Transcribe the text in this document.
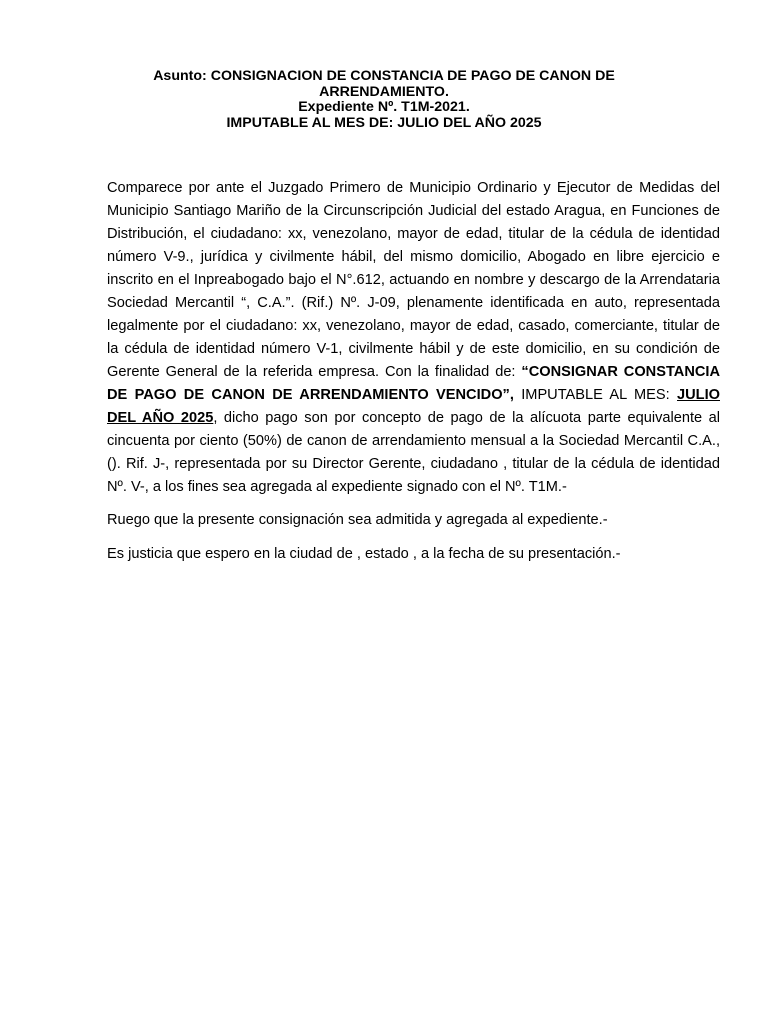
Asunto: CONSIGNACION DE CONSTANCIA DE PAGO DE CANON DE
ARRENDAMIENTO.
Expediente Nº. T1M-2021.
IMPUTABLE AL MES DE: JULIO DEL AÑO 2025

Comparece por ante el Juzgado Primero de Municipio Ordinario y Ejecutor de Medidas del Municipio Santiago Mariño de la Circunscripción Judicial del estado Aragua, en Funciones de Distribución, el ciudadano: xx, venezolano, mayor de edad, titular de la cédula de identidad número V-9., jurídica y civilmente hábil, del mismo domicilio, Abogado en libre ejercicio e inscrito en el Inpreabogado bajo el N°.612, actuando en nombre y descargo de la Arrendataria Sociedad Mercantil “, C.A.”. (Rif.) Nº. J-09, plenamente identificada en auto, representada legalmente por el ciudadano: xx, venezolano, mayor de edad, casado, comerciante, titular de la cédula de identidad número V-1, civilmente hábil y de este domicilio, en su condición de Gerente General de la referida empresa. Con la finalidad de: “CONSIGNAR CONSTANCIA DE PAGO DE CANON DE ARRENDAMIENTO VENCIDO”, IMPUTABLE AL MES: JULIO DEL AÑO 2025, dicho pago son por concepto de pago de la alícuota parte equivalente al cincuenta por ciento (50%) de canon de arrendamiento mensual a la Sociedad Mercantil C.A., (). Rif. J-, representada por su Director Gerente, ciudadano , titular de la cédula de identidad Nº. V-, a los fines sea agregada al expediente signado con el Nº. T1M.-

Ruego que la presente consignación sea admitida y agregada al expediente.-

Es justicia que espero en la ciudad de , estado , a la fecha de su presentación.-
